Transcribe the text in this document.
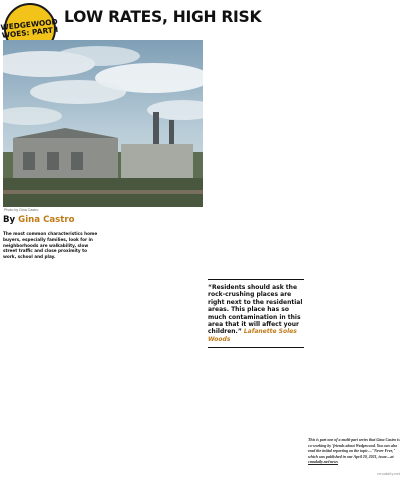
WEDGEWOOD
WOES: PART I
LOW RATES, HIGH RISK
Photo by Gina Castro
By Gina Castro
The most common characteristics home buyers, especially families, look for in neighborhoods are walkability, slow street traffic and close proximity to work, school and play.
“Residents should ask the rock-crushing places are right next to the residential areas. This place has so much contamination in this area that it will affect your children.” Lafanette Soles Woods
This is part one of a multi-part series that Gina Castro is co-working by 'friends about Wedgewood. You can also read the initial reporting on the topic—"Never Free," which was published in our April 20, 2021, issue—at cmudaily.net/news
cmudaily.net
